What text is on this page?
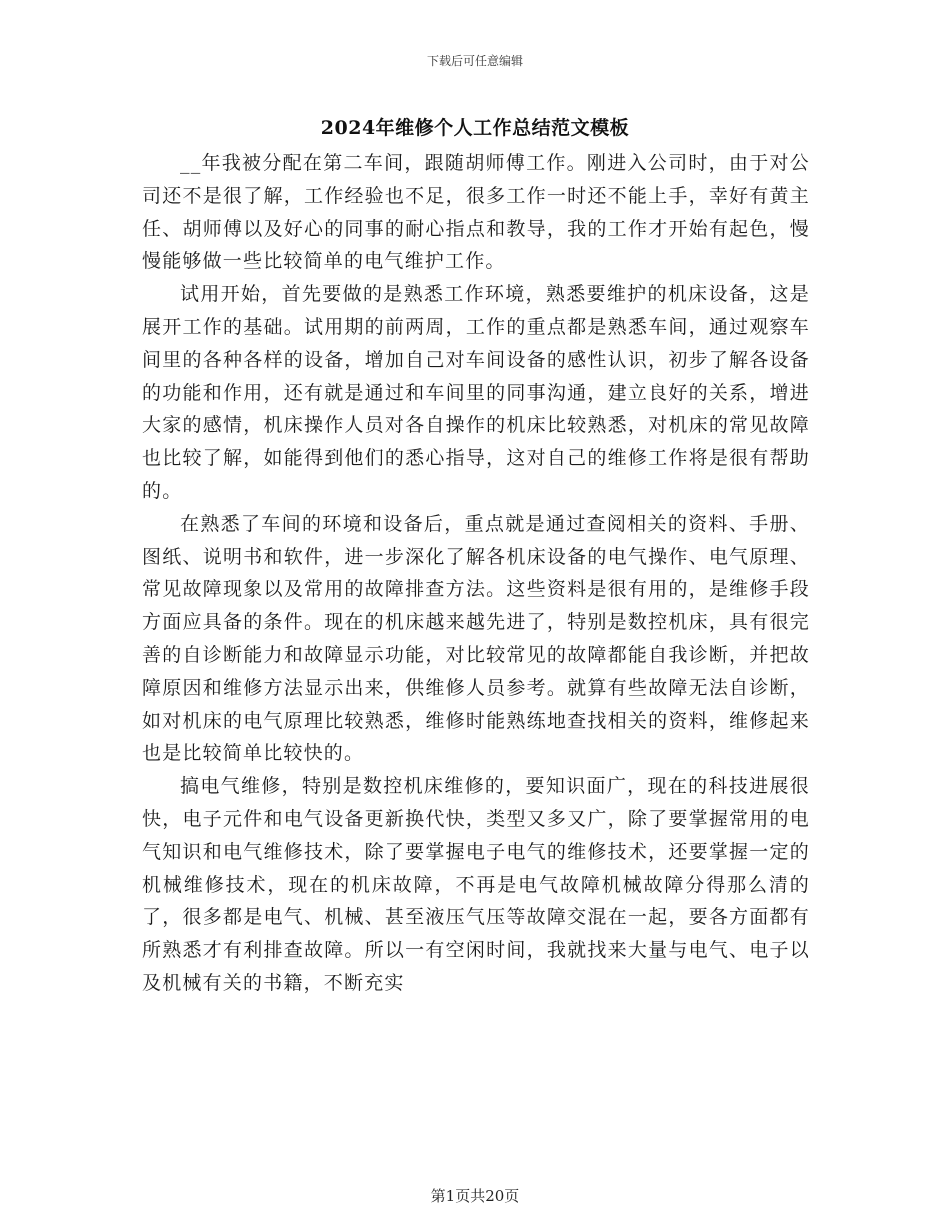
下载后可任意编辑
2024年维修个人工作总结范文模板

__年我被分配在第二车间，跟随胡师傅工作。刚进入公司时，由于对公司还不是很了解，工作经验也不足，很多工作一时还不能上手，幸好有黄主任、胡师傅以及好心的同事的耐心指点和教导，我的工作才开始有起色，慢慢能够做一些比较简单的电气维护工作。

试用开始，首先要做的是熟悉工作环境，熟悉要维护的机床设备，这是展开工作的基础。试用期的前两周，工作的重点都是熟悉车间，通过观察车间里的各种各样的设备，增加自己对车间设备的感性认识，初步了解各设备的功能和作用，还有就是通过和车间里的同事沟通，建立良好的关系，增进大家的感情，机床操作人员对各自操作的机床比较熟悉，对机床的常见故障也比较了解，如能得到他们的悉心指导，这对自己的维修工作将是很有帮助的。

在熟悉了车间的环境和设备后，重点就是通过查阅相关的资料、手册、图纸、说明书和软件，进一步深化了解各机床设备的电气操作、电气原理、常见故障现象以及常用的故障排查方法。这些资料是很有用的，是维修手段方面应具备的条件。现在的机床越来越先进了，特别是数控机床，具有很完善的自诊断能力和故障显示功能，对比较常见的故障都能自我诊断，并把故障原因和维修方法显示出来，供维修人员参考。就算有些故障无法自诊断，如对机床的电气原理比较熟悉，维修时能熟练地查找相关的资料，维修起来也是比较简单比较快的。

搞电气维修，特别是数控机床维修的，要知识面广，现在的科技进展很快，电子元件和电气设备更新换代快，类型又多又广，除了要掌握常用的电气知识和电气维修技术，除了要掌握电子电气的维修技术，还要掌握一定的机械维修技术，现在的机床故障，不再是电气故障机械故障分得那么清的了，很多都是电气、机械、甚至液压气压等故障交混在一起，要各方面都有所熟悉才有利排查故障。所以一有空闲时间，我就找来大量与电气、电子以及机械有关的书籍，不断充实

第1页共20页
